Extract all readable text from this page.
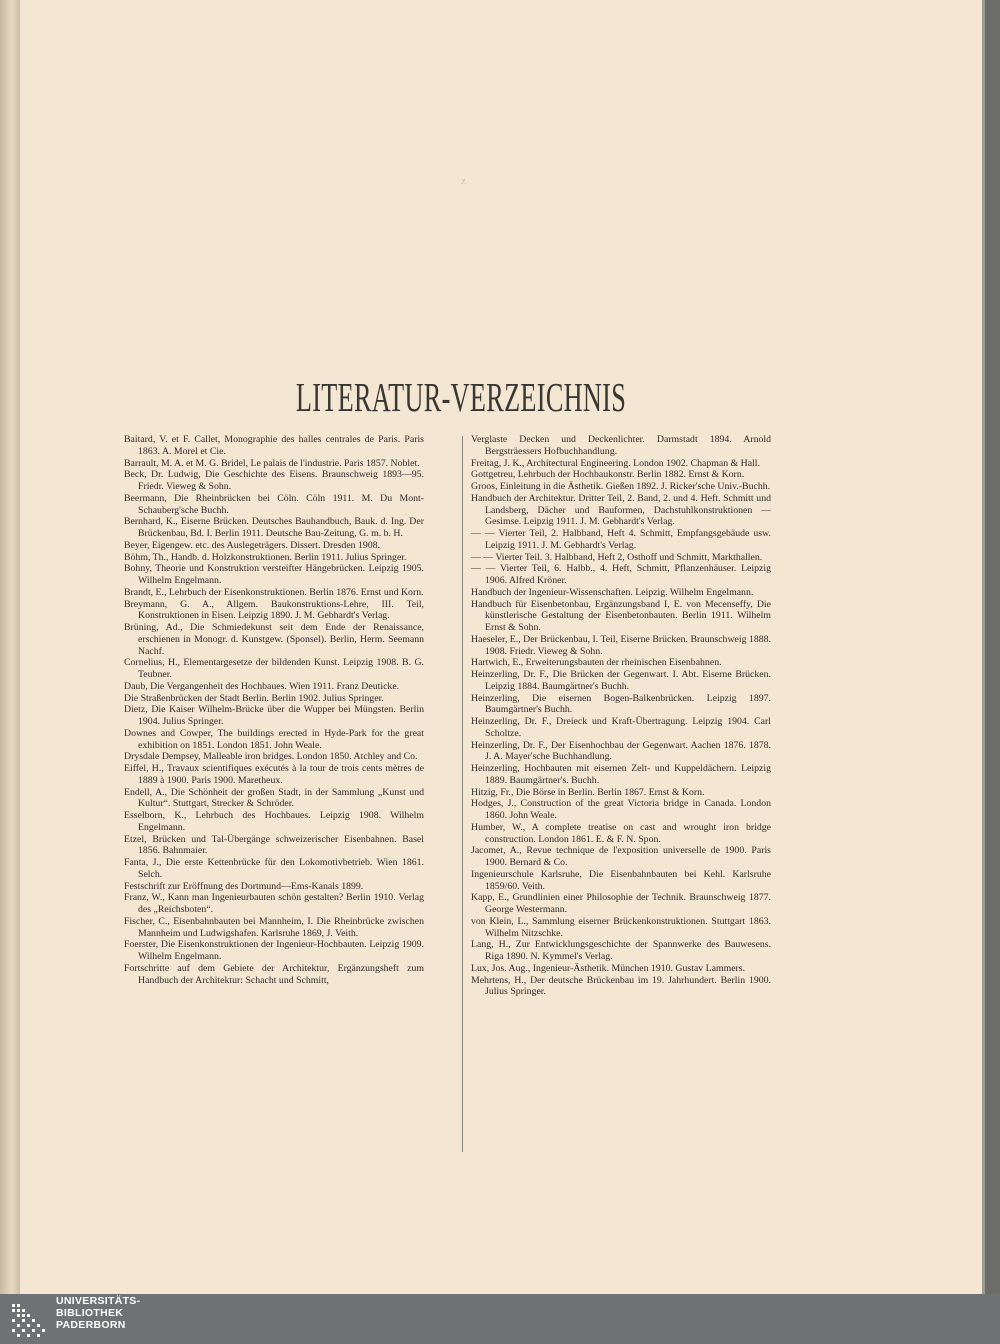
z
LITERATUR-VERZEICHNIS
Baitard, V. et F. Callet, Monographie des halles centrales de Paris. Paris 1863. A. Morel et Cie.
Barrault, M. A. et M. G. Bridel, Le palais de l'industrie. Paris 1857. Noblet.
Beck, Dr. Ludwig, Die Geschichte des Eisens. Braunschweig 1893—95. Friedr. Vieweg & Sohn.
Beermann, Die Rheinbrücken bei Cöln. Cöln 1911. M. Du Mont-Schauberg'sche Buchh.
Bernhard, K., Eiserne Brücken. Deutsches Bauhandbuch, Bauk. d. Ing. Der Brückenbau, Bd. I. Berlin 1911. Deutsche Bau-Zeitung, G. m. b. H.
Beyer, Eigengew. etc. des Auslegeträgers. Dissert. Dresden 1908.
Böhm, Th., Handb. d. Holzkonstruktionen. Berlin 1911. Julius Springer.
Bohny, Theorie und Konstruktion versteifter Hängebrücken. Leipzig 1905. Wilhelm Engelmann.
Brandt, E., Lehrbuch der Eisenkonstruktionen. Berlin 1876. Ernst und Korn.
Breymann, G. A., Allgem. Baukonstruktions-Lehre, III. Teil, Konstruktionen in Eisen. Leipzig 1890. J. M. Gebhardt's Verlag.
Brüning, Ad., Die Schmiedekunst seit dem Ende der Renaissance, erschienen in Monogr. d. Kunstgew. (Sponsel). Berlin, Herm. Seemann Nachf.
Cornelius, H., Elementargesetze der bildenden Kunst. Leipzig 1908. B. G. Teubner.
Daub, Die Vergangenheit des Hochbaues. Wien 1911. Franz Deuticke.
Die Straßenbrücken der Stadt Berlin. Berlin 1902. Julius Springer.
Dietz, Die Kaiser Wilhelm-Brücke über die Wupper bei Müngsten. Berlin 1904. Julius Springer.
Downes and Cowper, The buildings erected in Hyde-Park for the great exhibition on 1851. London 1851. John Weale.
Drysdale Dempsey, Malleable iron bridges. London 1850. Atchley and Co.
Eiffel, H., Travaux scientifiques exécutés à la tour de trois cents mètres de 1889 à 1900. Paris 1900. Maretheux.
Endell, A., Die Schönheit der großen Stadt, in der Sammlung „Kunst und Kultur“. Stuttgart, Strecker & Schröder.
Esselborn, K., Lehrbuch des Hochbaues. Leipzig 1908. Wilhelm Engelmann.
Etzel, Brücken und Tal-Übergänge schweizerischer Eisenbahnen. Basel 1856. Bahnmaier.
Fanta, J., Die erste Kettenbrücke für den Lokomotivbetrieb. Wien 1861. Selch.
Festschrift zur Eröffnung des Dortmund—Ems-Kanals 1899.
Franz, W., Kann man Ingenieurbauten schön gestalten? Berlin 1910. Verlag des „Reichsboten“.
Fischer, C., Eisenbahnbauten bei Mannheim, I. Die Rheinbrücke zwischen Mannheim und Ludwigshafen. Karlsruhe 1869, J. Veith.
Foerster, Die Eisenkonstruktionen der Ingenieur-Hochbauten. Leipzig 1909. Wilhelm Engelmann.
Fortschritte auf dem Gebiete der Architektur, Ergänzungsheft zum Handbuch der Architektur: Schacht und Schmitt,
Verglaste Decken und Deckenlichter. Darmstadt 1894. Arnold Bergsträessers Hofbuchhandlung.
Freitag, J. K., Architectural Engineering. London 1902. Chapman & Hall.
Gottgetreu, Lehrbuch der Hochbaukonstr. Berlin 1882. Ernst & Korn.
Groos, Einleitung in die Ästhetik. Gießen 1892. J. Ricker'sche Univ.-Buchh.
Handbuch der Architektur. Dritter Teil, 2. Band, 2. und 4. Heft. Schmitt und Landsberg, Dächer und Bauformen, Dachstuhlkonstruktionen — Gesimse. Leipzig 1911. J. M. Gebhardt's Verlag.
— — Vierter Teil, 2. Halbband, Heft 4. Schmitt, Empfangsgebäude usw. Leipzig 1911. J. M. Gebhardt's Verlag.
— — Vierter Teil. 3. Halbband, Heft 2, Osthoff und Schmitt, Markthallen.
— — Vierter Teil, 6. Halbb., 4. Heft, Schmitt, Pflanzenhäuser. Leipzig 1906. Alfred Kröner.
Handbuch der Ingenieur-Wissenschaften. Leipzig. Wilhelm Engelmann.
Handbuch für Eisenbetonbau, Ergänzungsband I, E. von Mecenseffy, Die künstlerische Gestaltung der Eisenbetonbauten. Berlin 1911. Wilhelm Ernst & Sohn.
Haeseler, E., Der Brückenbau, I. Teil, Eiserne Brücken. Braunschweig 1888. 1908. Friedr. Vieweg & Sohn.
Hartwich, E., Erweiterungsbauten der rheinischen Eisenbahnen.
Heinzerling, Dr. F., Die Brücken der Gegenwart. I. Abt. Eiserne Brücken. Leipzig 1884. Baumgärtner's Buchh.
Heinzerling, Die eisernen Bogen-Balkenbrücken. Leipzig 1897. Baumgärtner's Buchh.
Heinzerling, Dr. F., Dreieck und Kraft-Übertragung. Leipzig 1904. Carl Scholtze.
Heinzerling, Dr. F., Der Eisenhochbau der Gegenwart. Aachen 1876. 1878. J. A. Mayer'sche Buchhandlung.
Heinzerling, Hochbauten mit eisernen Zelt- und Kuppeldächern. Leipzig 1889. Baumgärtner's. Buchh.
Hitzig, Fr., Die Börse in Berlin. Berlin 1867. Ernst & Korn.
Hodges, J., Construction of the great Victoria bridge in Canada. London 1860. John Weale.
Humber, W., A complete treatise on cast and wrought iron bridge construction. London 1861. E. & F. N. Spon.
Jacomet, A., Revue technique de l'exposition universelle de 1900. Paris 1900. Bernard & Co.
Ingenieurschule Karlsruhe, Die Eisenbahnbauten bei Kehl. Karlsruhe 1859/60. Veith.
Kapp, E., Grundlinien einer Philosophie der Technik. Braunschweig 1877. George Westermann.
von Klein, L., Sammlung eiserner Brückenkonstruktionen. Stuttgart 1863. Wilhelm Nitzschke.
Lang, H., Zur Entwicklungsgeschichte der Spannwerke des Bauwesens. Riga 1890. N. Kymmel's Verlag.
Lux, Jos. Aug., Ingenieur-Ästhetik. München 1910. Gustav Lammers.
Mehrtens, H., Der deutsche Brückenbau im 19. Jahrhundert. Berlin 1900. Julius Springer.
UNIVERSITÄTS-
BIBLIOTHEK
PADERBORN
